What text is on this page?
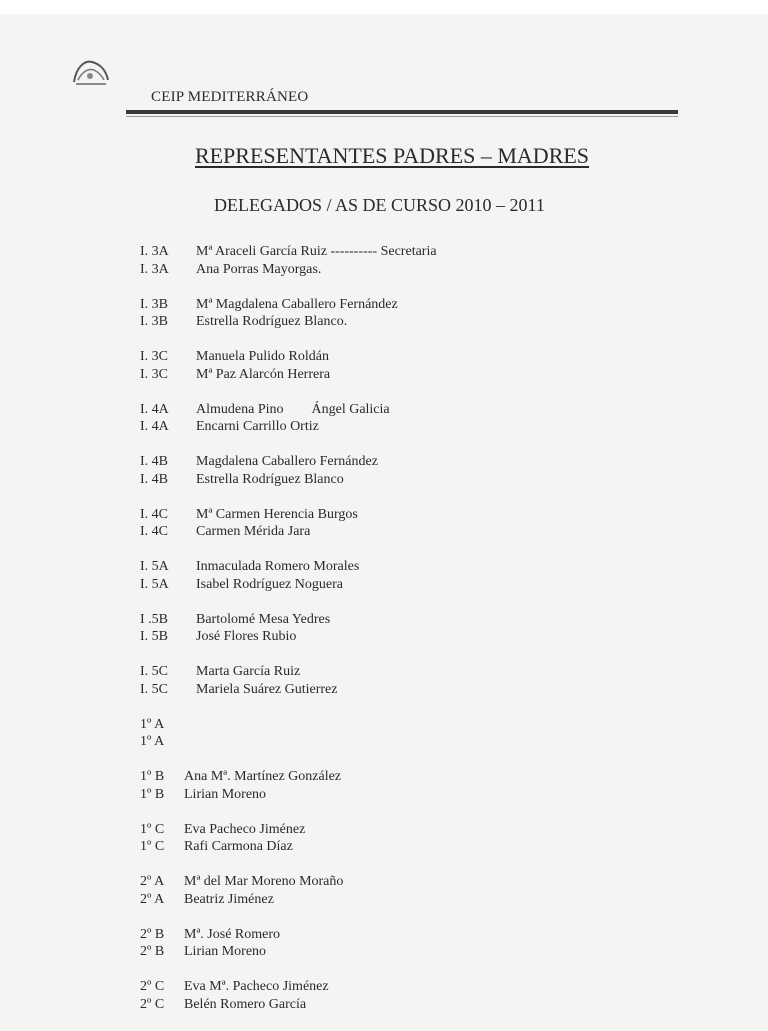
CEIP MEDITERRÁNEO
REPRESENTANTES PADRES – MADRES
DELEGADOS / AS DE CURSO 2010 – 2011
I. 3A	Mª Araceli García Ruiz ---------- Secretaria
I. 3A	Ana Porras Mayorgas.
I. 3B	Mª Magdalena Caballero Fernández
I. 3B	Estrella Rodríguez Blanco.
I. 3C	Manuela Pulido Roldán
I. 3C	Mª Paz Alarcón Herrera
I. 4A	Almudena Pino        Ángel Galicia
I. 4A	Encarni Carrillo Ortiz
I. 4B	Magdalena Caballero Fernández
I. 4B	Estrella Rodríguez Blanco
I. 4C	Mª Carmen Herencia Burgos
I. 4C	Carmen Mérida Jara
I. 5A	Inmaculada Romero Morales
I. 5A	Isabel Rodríguez Noguera
I .5B	Bartolomé Mesa Yedres
I. 5B	José Flores Rubio
I. 5C	Marta García Ruiz
I. 5C	Mariela Suárez Gutierrez
1º A
1º A
1º B	Ana Mª. Martínez González
1º B	Lirian Moreno
1º C	Eva Pacheco Jiménez
1º C	Rafi Carmona Díaz
2º A	Mª del Mar Moreno Moraño
2º A	Beatriz Jiménez
2º B	Mª. José Romero
2º B	Lirian Moreno
2º C	Eva Mª. Pacheco Jiménez
2º C	Belén Romero García
